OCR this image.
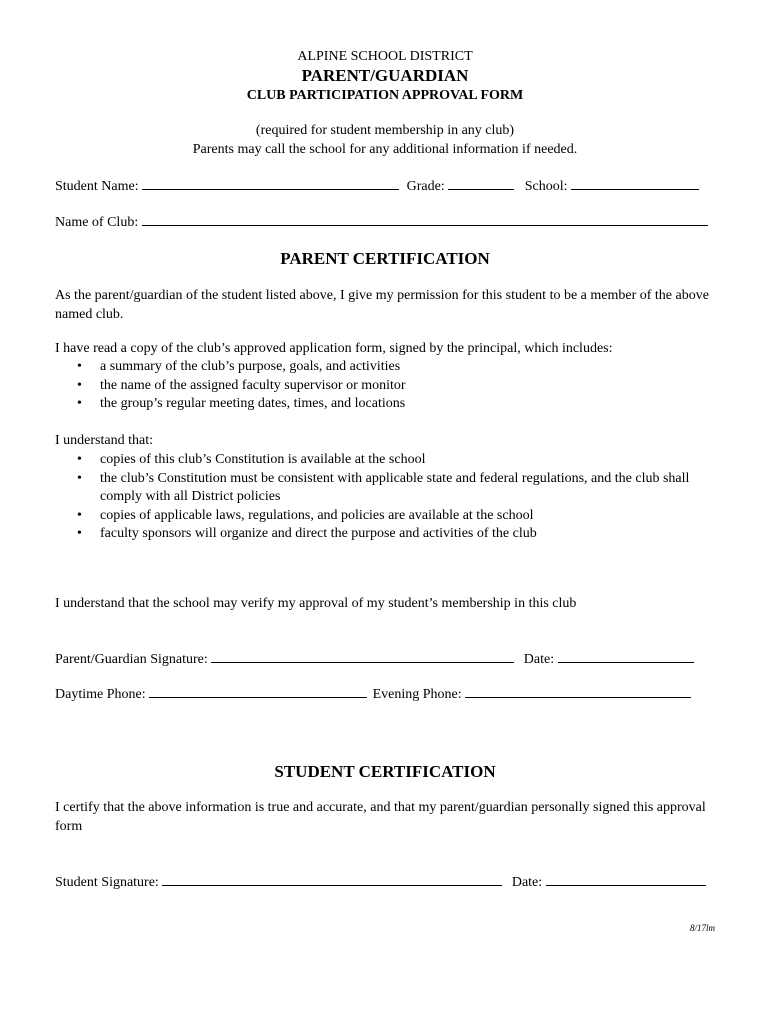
ALPINE SCHOOL DISTRICT
PARENT/GUARDIAN
CLUB PARTICIPATION APPROVAL FORM
(required for student membership in any club)
Parents may call the school for any additional information if needed.
Student Name:	Grade:	School:
Name of Club:
PARENT CERTIFICATION
As the parent/guardian of the student listed above, I give my permission for this student to be a member of the above named club.
I have read a copy of the club’s approved application form, signed by the principal, which includes:
• a summary of the club’s purpose, goals, and activities
• the name of the assigned faculty supervisor or monitor
• the group’s regular meeting dates, times, and locations
I understand that:
• copies of this club’s Constitution is available at the school
• the club’s Constitution must be consistent with applicable state and federal regulations, and the club shall comply with all District policies
• copies of applicable laws, regulations, and policies are available at the school
• faculty sponsors will organize and direct the purpose and activities of the club
I understand that the school may verify my approval of my student’s membership in this club
Parent/Guardian Signature:	Date:
Daytime Phone:	Evening Phone:
STUDENT CERTIFICATION
I certify that the above information is true and accurate, and that my parent/guardian personally signed this approval form
Student Signature:	Date:
8/17lm
